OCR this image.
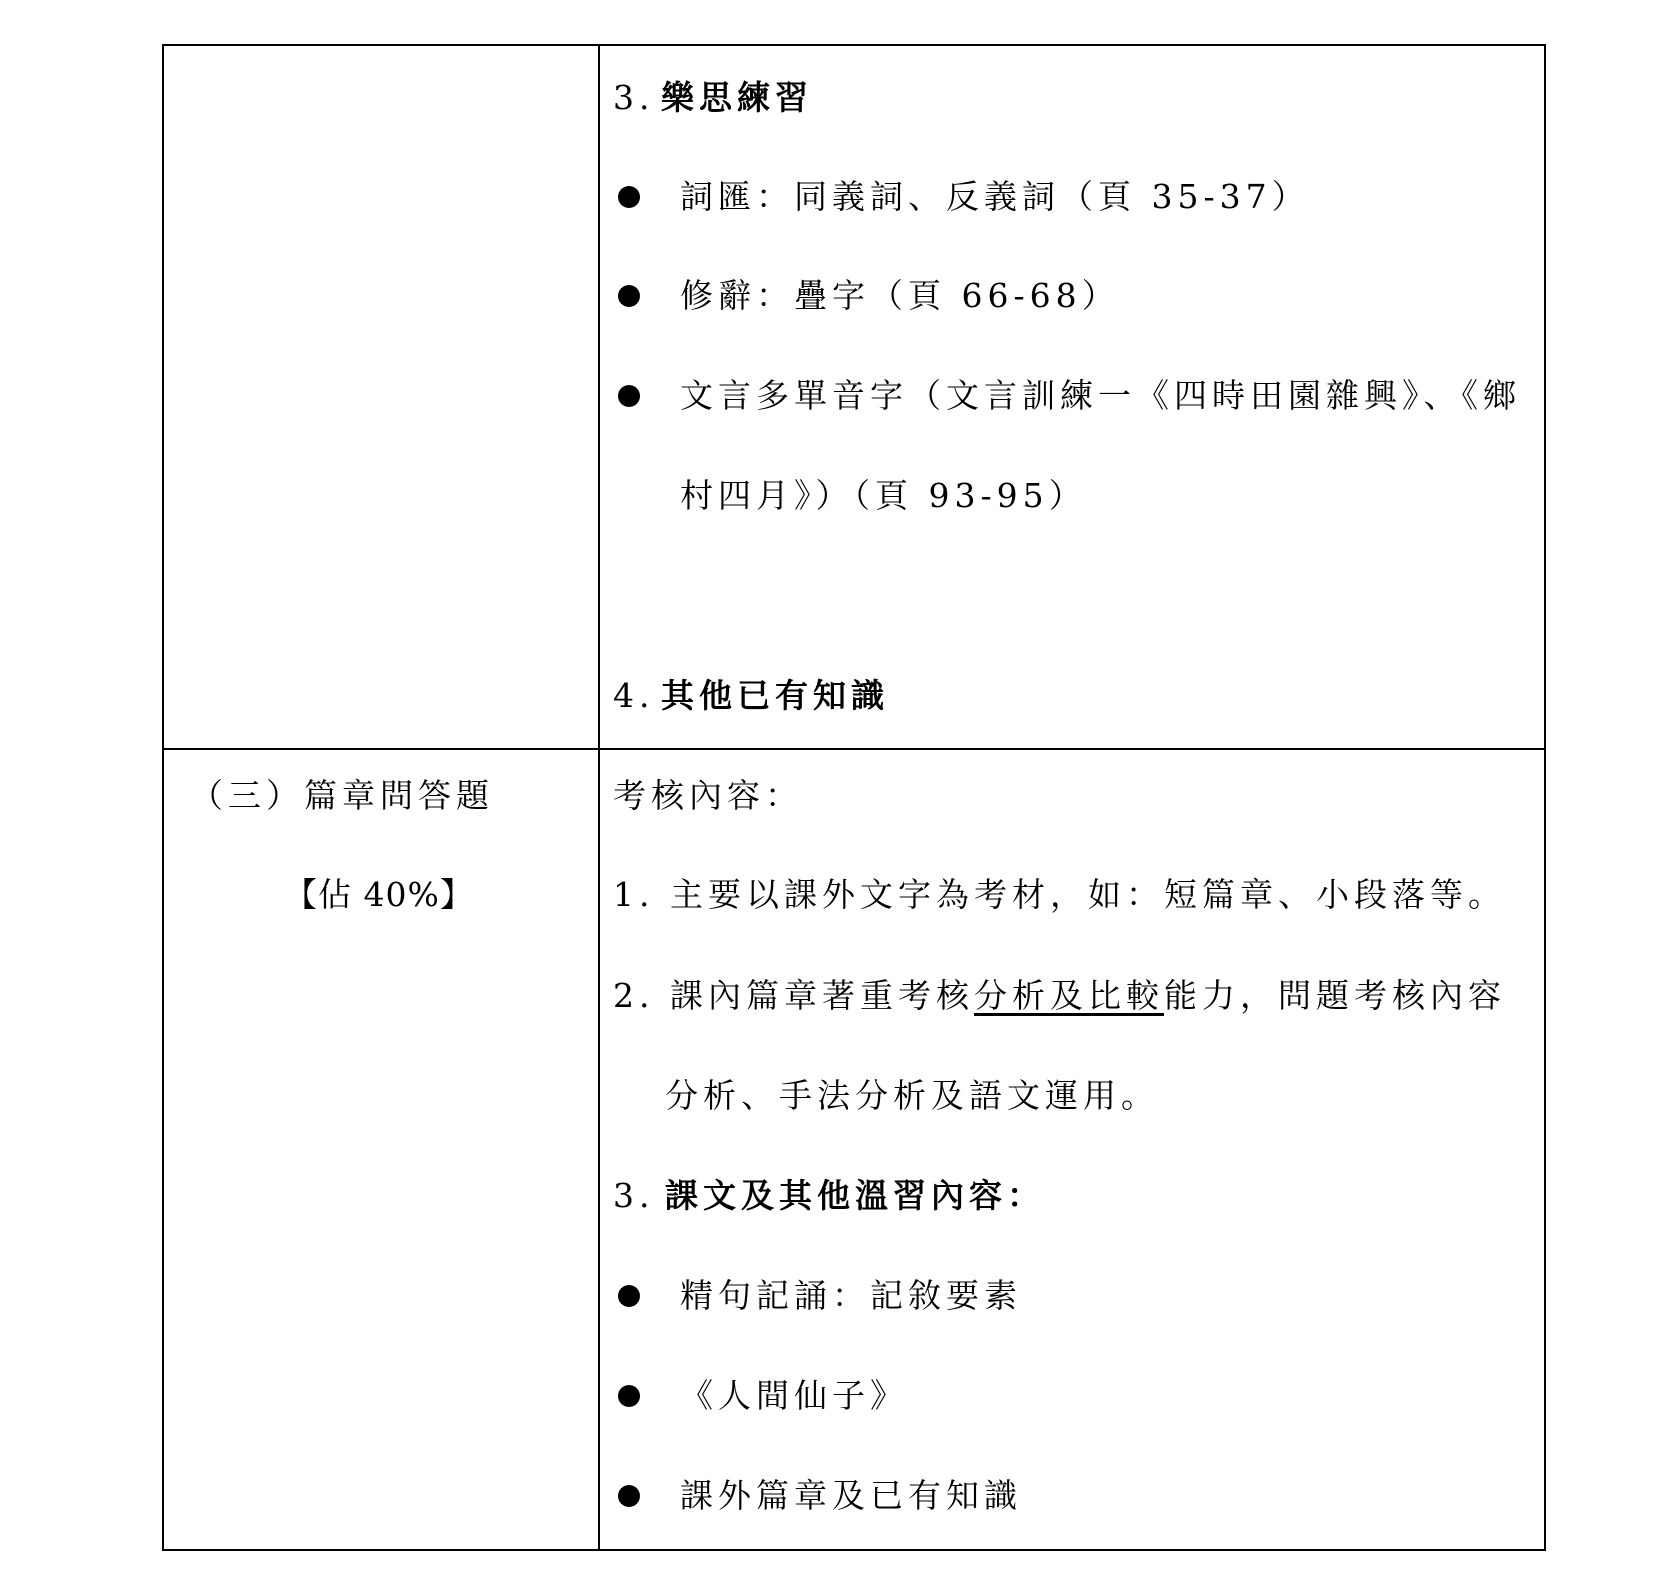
3. 樂思練習
詞匯：同義詞、反義詞（頁 35-37）
修辭：疊字（頁 66-68）
文言多單音字（文言訓練一《四時田園雜興》、《鄉
村四月》）（頁 93-95）
4. 其他已有知識
（三）篇章問答題
【佔 40%】
考核內容：
1. 主要以課外文字為考材，如：短篇章、小段落等。
2. 課內篇章著重考核分析及比較能力，問題考核內容
分析、手法分析及語文運用。
3. 課文及其他溫習內容：
精句記誦：記敘要素
《人間仙子》
課外篇章及已有知識
